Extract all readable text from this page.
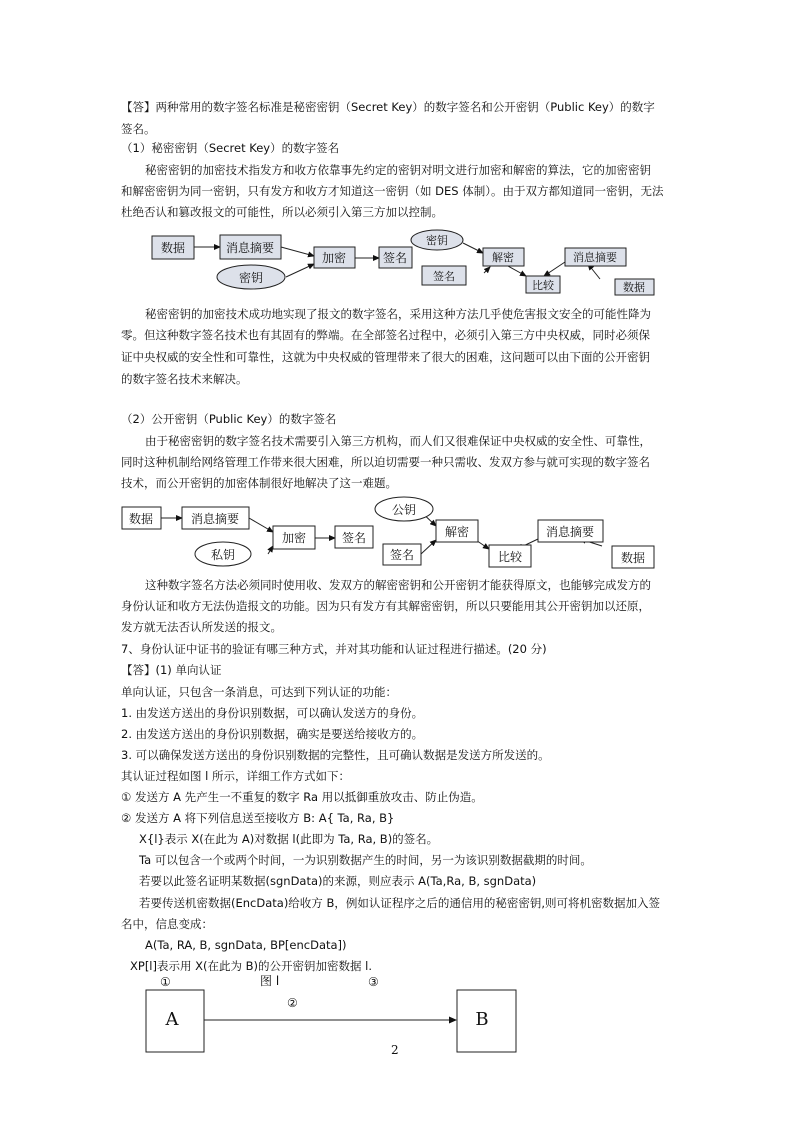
【答】两种常用的数字签名标准是秘密密钥（Secret Key）的数字签名和公开密钥（Public Key）的数字
签名。
（1）秘密密钥（Secret Key）的数字签名
秘密密钥的加密技术指发方和收方依靠事先约定的密钥对明文进行加密和解密的算法，它的加密密钥
和解密密钥为同一密钥，只有发方和收方才知道这一密钥（如 DES 体制）。由于双方都知道同一密钥，无法
杜绝否认和篡改报文的可能性，所以必须引入第三方加以控制。
数据	消息摘要
密钥
加密	签名
密钥
签名
解密
比较
消息摘要
数据
秘密密钥的加密技术成功地实现了报文的数字签名，采用这种方法几乎使危害报文安全的可能性降为
零。但这种数字签名技术也有其固有的弊端。在全部签名过程中，必须引入第三方中央权威，同时必须保
证中央权威的安全性和可靠性，这就为中央权威的管理带来了很大的困难，这问题可以由下面的公开密钥
的数字签名技术来解决。
（2）公开密钥（Public Key）的数字签名
由于秘密密钥的数字签名技术需要引入第三方机构，而人们又很难保证中央权威的安全性、可靠性，
同时这种机制给网络管理工作带来很大困难，所以迫切需要一种只需收、发双方参与就可实现的数字签名
技术，而公开密钥的加密体制很好地解决了这一难题。
数据	消息摘要
私钥
加密	签名
公钥
签名
解密
比较
消息摘要
数据
这种数字签名方法必须同时使用收、发双方的解密密钥和公开密钥才能获得原文，也能够完成发方的
身份认证和收方无法伪造报文的功能。因为只有发方有其解密密钥，所以只要能用其公开密钥加以还原，
发方就无法否认所发送的报文。
7、身份认证中证书的验证有哪三种方式，并对其功能和认证过程进行描述。(20 分)
【答】(1) 单向认证
单向认证，只包含一条消息，可达到下列认证的功能：
1. 由发送方送出的身份识别数据，可以确认发送方的身份。
2. 由发送方送出的身份识别数据，确实是要送给接收方的。
3. 可以确保发送方送出的身份识别数据的完整性，且可确认数据是发送方所发送的。
其认证过程如图 l 所示，详细工作方式如下：
① 发送方 A 先产生一不重复的数字 Ra 用以抵御重放攻击、防止伪造。
② 发送方 A 将下列信息送至接收方 B: A{ Ta, Ra, B}
X{l}表示 X(在此为 A)对数据 l(此即为 Ta, Ra, B)的签名。
Ta 可以包含一个或两个时间，一为识别数据产生的时间，另一为该识别数据截期的时间。
若要以此签名证明某数据(sgnData)的来源，则应表示 A(Ta,Ra, B, sgnData)
若要传送机密数据(EncData)给收方 B，例如认证程序之后的通信用的秘密密钥,则可将机密数据加入签
名中，信息变成：
A(Ta, RA, B, sgnData, BP[encData])
XP[l]表示用 X(在此为 B)的公开密钥加密数据 l.
①	图 l	③
②
A	B
2
